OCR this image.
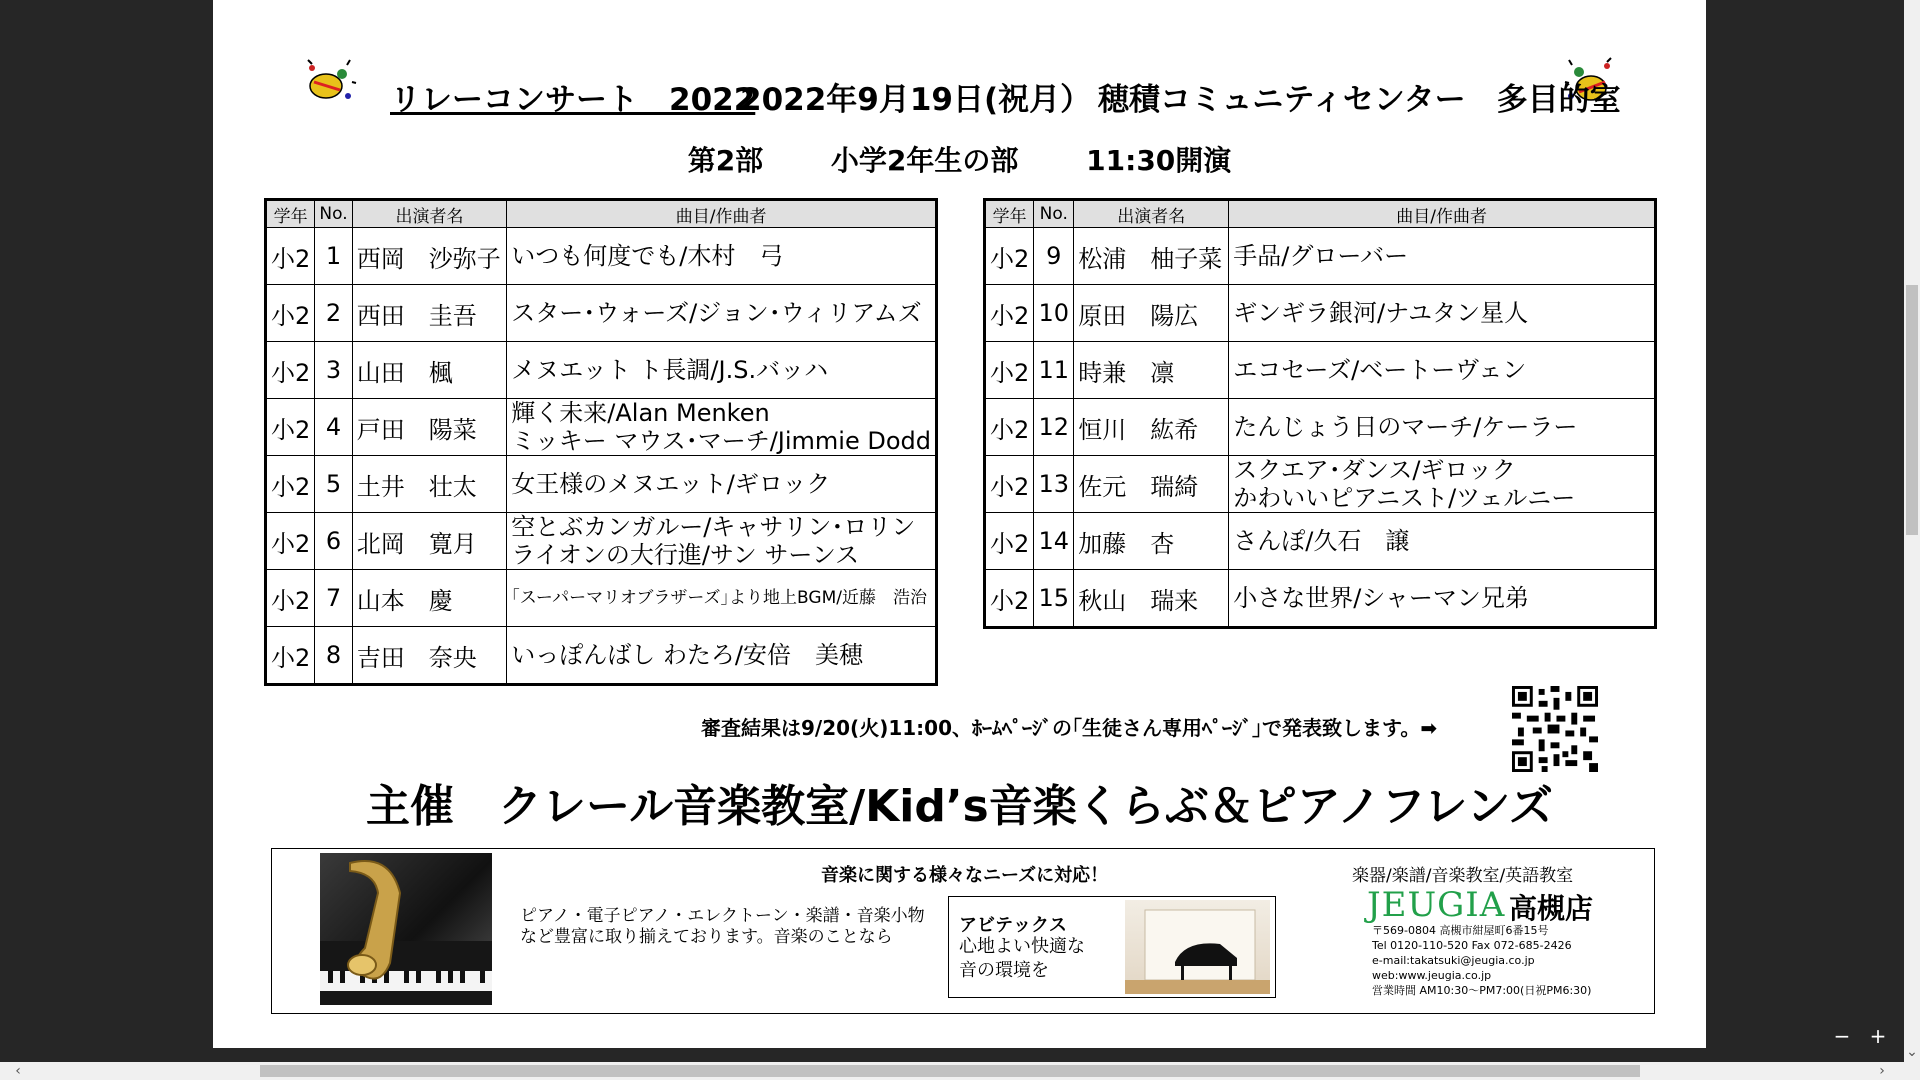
リレーコンサート　2022
2022年9月19日(祝月） 穂積コミュニティセンター　多目的室
第2部　 小学2年生の部　 11:30開演
学年	No.	出演者名	曲目/作曲者
小2	1	西岡　沙弥子	いつも何度でも/木村　弓

小2	2	西田　圭吾	スター･ウォーズ/ジョン･ウィリアムズ

小2	3	山田　楓	メヌエット ト長調/J.S.バッハ

小2	4	戸田　陽菜	輝く未来/Alan Menken
ミッキー マウス･マーチ/Jimmie Dodd

小2	5	土井　壮太	女王様のメヌエット/ギロック

小2	6	北岡　寛月	空とぶカンガルー/キャサリン･ロリン
ライオンの大行進/サン サーンス

小2	7	山本　慶	｢スーパーマリオブラザーズ｣より地上BGM/近藤　浩治

小2	8	吉田　奈央	いっぽんばし わたろ/安倍　美穂
学年	No.	出演者名	曲目/作曲者
小2	9	松浦　柚子菜	手品/グローバー

小2	10	原田　陽広	ギンギラ銀河/ナユタン星人

小2	11	時兼　凛	エコセーズ/ベートーヴェン

小2	12	恒川　紘希	たんじょう日のマーチ/ケーラー

小2	13	佐元　瑞綺	スクエア･ダンス/ギロック
かわいいピアニスト/ツェルニー

小2	14	加藤　杏	さんぽ/久石　譲

小2	15	秋山　瑞来	小さな世界/シャーマン兄弟
審査結果は9/20(火)11:00、ﾎｰﾑﾍﾟｰｼﾞの｢生徒さん専用ﾍﾟｰｼﾞ｣で発表致します。➡
主催　クレール音楽教室/Kid’s音楽くらぶ＆ピアノフレンズ
音楽に関する様々なニーズに対応！
ピアノ・電子ピアノ・エレクトーン・楽譜・音楽小物など豊富に取り揃えております。音楽のことなら
アビテックス
心地よい快適な音の環境を
楽器/楽譜/音楽教室/英語教室
JEUGIA 高槻店
〒569-0804 高槻市紺屋町6番15号
Tel 0120-110-520 Fax 072-685-2426
e-mail:takatsuki@jeugia.co.jp
web:www.jeugia.co.jp
営業時間 AM10:30～PM7:00(日祝PM6:30)
⌄
− +
‹	›
